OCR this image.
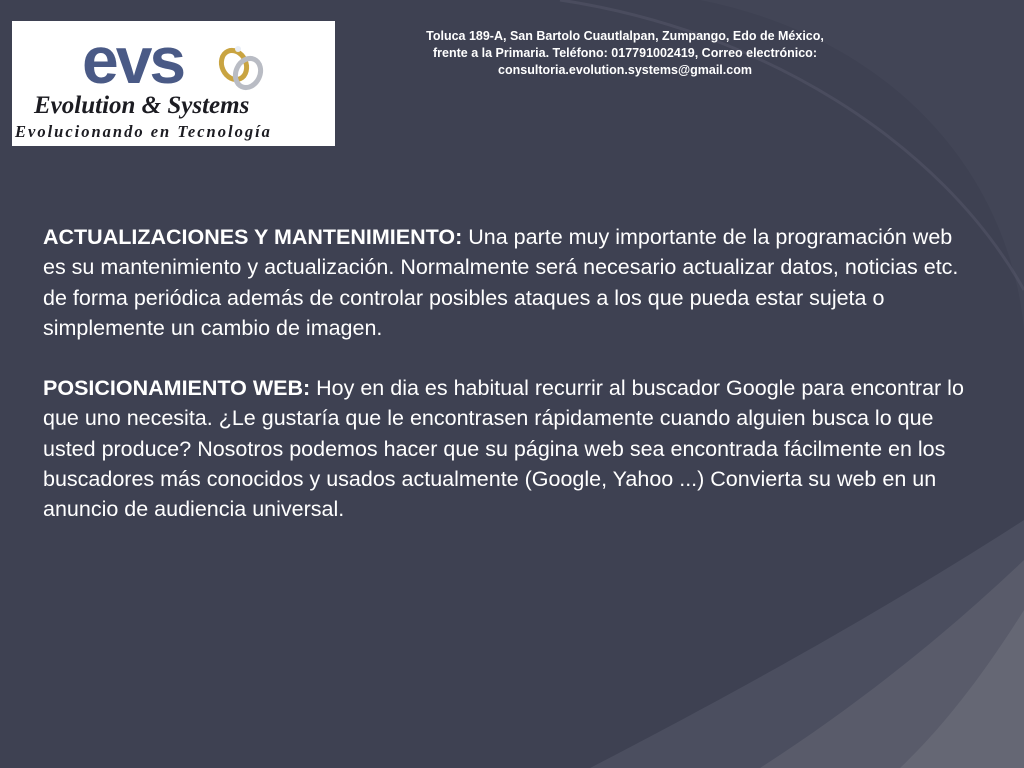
evs
Evolution & Systems
Evolucionando en Tecnología
Toluca 189-A, San Bartolo Cuautlalpan, Zumpango, Edo de México,
frente a la Primaria. Teléfono: 017791002419, Correo electrónico:
consultoria.evolution.systems@gmail.com

ACTUALIZACIONES Y MANTENIMIENTO: Una parte muy importante de la programación web es su mantenimiento y actualización. Normalmente será necesario actualizar datos, noticias etc. de forma periódica además de controlar posibles ataques a los que pueda estar sujeta o simplemente un cambio de imagen.

POSICIONAMIENTO WEB: Hoy en dia es habitual recurrir al buscador Google para encontrar lo que uno necesita. ¿Le gustaría que le encontrasen rápidamente cuando alguien busca lo que usted produce? Nosotros podemos hacer que su página web sea encontrada fácilmente en los buscadores más conocidos y usados actualmente (Google, Yahoo ...) Convierta su web en un anuncio de audiencia universal.
